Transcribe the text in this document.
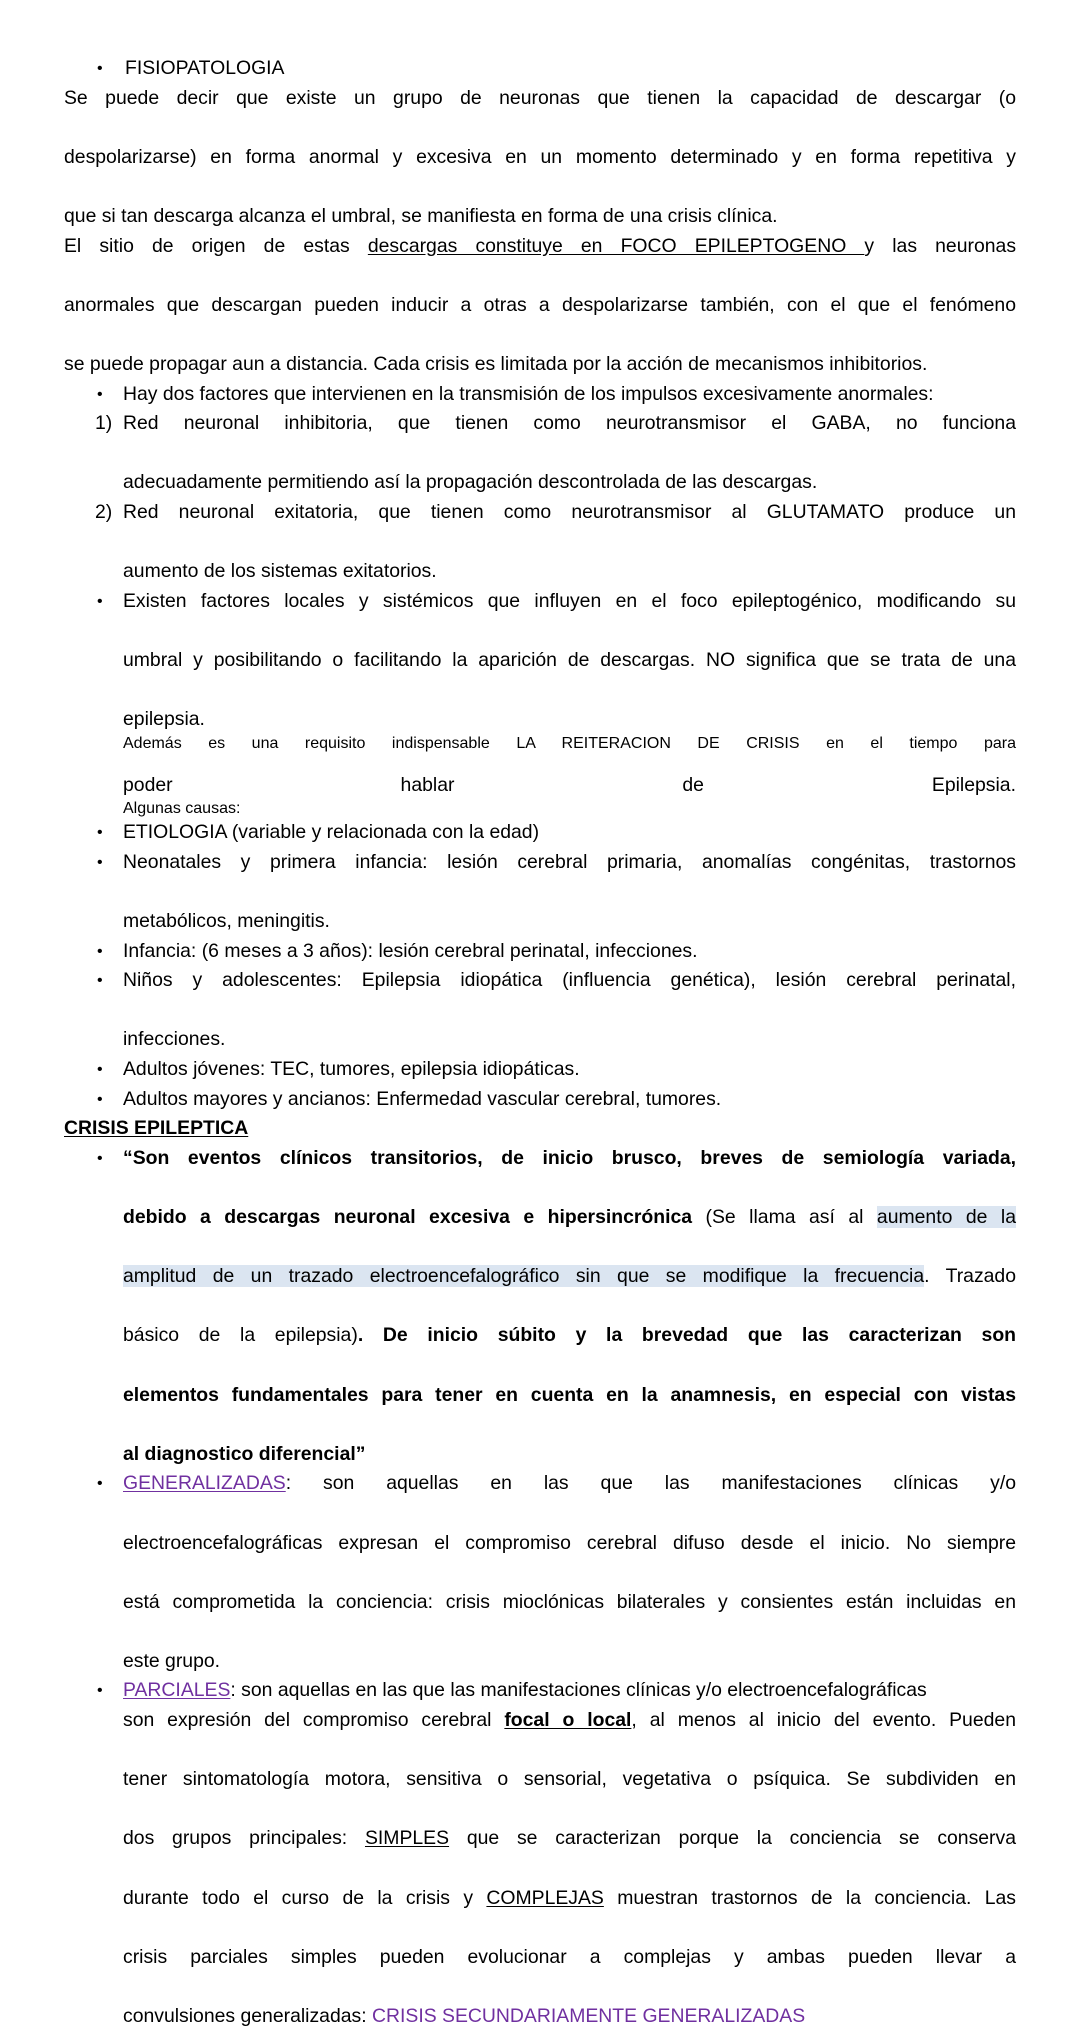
•	FISIOPATOLOGIA

Se puede decir que existe un grupo de neuronas que tienen la capacidad de descargar (o
despolarizarse) en forma anormal y excesiva en un momento determinado y en forma repetitiva y
que si tan descarga alcanza el umbral, se manifiesta en forma de una crisis clínica.

El sitio de origen de estas descargas constituye en FOCO EPILEPTOGENO y las neuronas
anormales que descargan pueden inducir a otras a despolarizarse también, con el que el fenómeno
se puede propagar aun a distancia. Cada crisis es limitada por la acción de mecanismos inhibitorios.

•	Hay dos factores que intervienen en la transmisión de los impulsos excesivamente anormales:
1) Red neuronal inhibitoria, que tienen como neurotransmisor el GABA, no funciona
adecuadamente permitiendo así la propagación descontrolada de las descargas.
2) Red neuronal exitatoria, que tienen como neurotransmisor al GLUTAMATO produce un
aumento de los sistemas exitatorios.
•	Existen factores locales y sistémicos que influyen en el foco epileptogénico, modificando su
umbral y posibilitando o facilitando la aparición de descargas. NO significa que se trata de una
epilepsia.
Además es una requisito indispensable LA REITERACION DE CRISIS en el tiempo para
poder	hablar	de	Epilepsia.
Algunas causas:
•	ETIOLOGIA (variable y relacionada con la edad)
•	Neonatales y primera infancia: lesión cerebral primaria, anomalías congénitas, trastornos
metabólicos, meningitis.
•	Infancia: (6 meses a 3 años): lesión cerebral perinatal, infecciones.
•	Niños y adolescentes: Epilepsia idiopática (influencia genética), lesión cerebral perinatal,
infecciones.
•	Adultos jóvenes: TEC, tumores, epilepsia idiopáticas.
•	Adultos mayores y ancianos: Enfermedad vascular cerebral, tumores.
CRISIS EPILEPTICA
•	“Son eventos clínicos transitorios, de inicio brusco, breves de semiología variada,
debido a descargas neuronal excesiva e hipersincrónica (Se llama así al aumento de la
amplitud de un trazado electroencefalográfico sin que se modifique la frecuencia. Trazado
básico de la epilepsia). De inicio súbito y la brevedad que las caracterizan son
elementos fundamentales para tener en cuenta en la anamnesis, en especial con vistas
al diagnostico diferencial”
•	GENERALIZADAS: son aquellas en las que las manifestaciones clínicas y/o
electroencefalográficas expresan el compromiso cerebral difuso desde el inicio. No siempre
está comprometida la conciencia: crisis mioclónicas bilaterales y consientes están incluidas en
este grupo.
•	PARCIALES: son aquellas en las que las manifestaciones clínicas y/o electroencefalográficas
son expresión del compromiso cerebral focal o local, al menos al inicio del evento. Pueden
tener sintomatología motora, sensitiva o sensorial, vegetativa o psíquica. Se subdividen en
dos grupos principales: SIMPLES que se caracterizan porque la conciencia se conserva
durante todo el curso de la crisis y COMPLEJAS muestran trastornos de la conciencia. Las
crisis parciales simples pueden evolucionar a complejas y ambas pueden llevar a
convulsiones generalizadas: CRISIS SECUNDARIAMENTE GENERALIZADAS
